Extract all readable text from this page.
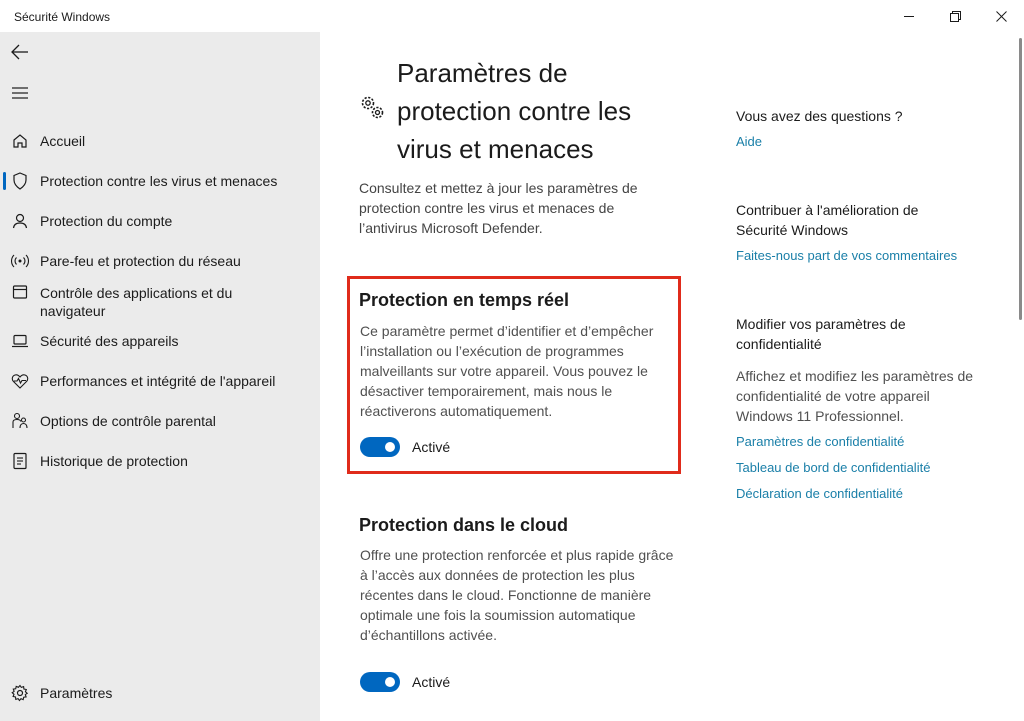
Sécurité Windows
Accueil
Protection contre les virus et menaces
Protection du compte
Pare-feu et protection du réseau
Contrôle des applications et du navigateur
Sécurité des appareils
Performances et intégrité de l'appareil
Options de contrôle parental
Historique de protection
Paramètres
Paramètres de protection contre les virus et menaces
Consultez et mettez à jour les paramètres de protection contre les virus et menaces de l’antivirus Microsoft Defender.
Protection en temps réel
Ce paramètre permet d’identifier et d’empêcher l’installation ou l’exécution de programmes malveillants sur votre appareil. Vous pouvez le désactiver temporairement, mais nous le réactiverons automatiquement.
Activé
Protection dans le cloud
Offre une protection renforcée et plus rapide grâce à l’accès aux données de protection les plus récentes dans le cloud. Fonctionne de manière optimale une fois la soumission automatique d’échantillons activée.
Activé
Vous avez des questions ?
Aide
Contribuer à l'amélioration de Sécurité Windows
Faites-nous part de vos commentaires
Modifier vos paramètres de confidentialité
Affichez et modifiez les paramètres de confidentialité de votre appareil Windows 11 Professionnel.
Paramètres de confidentialité
Tableau de bord de confidentialité
Déclaration de confidentialité
